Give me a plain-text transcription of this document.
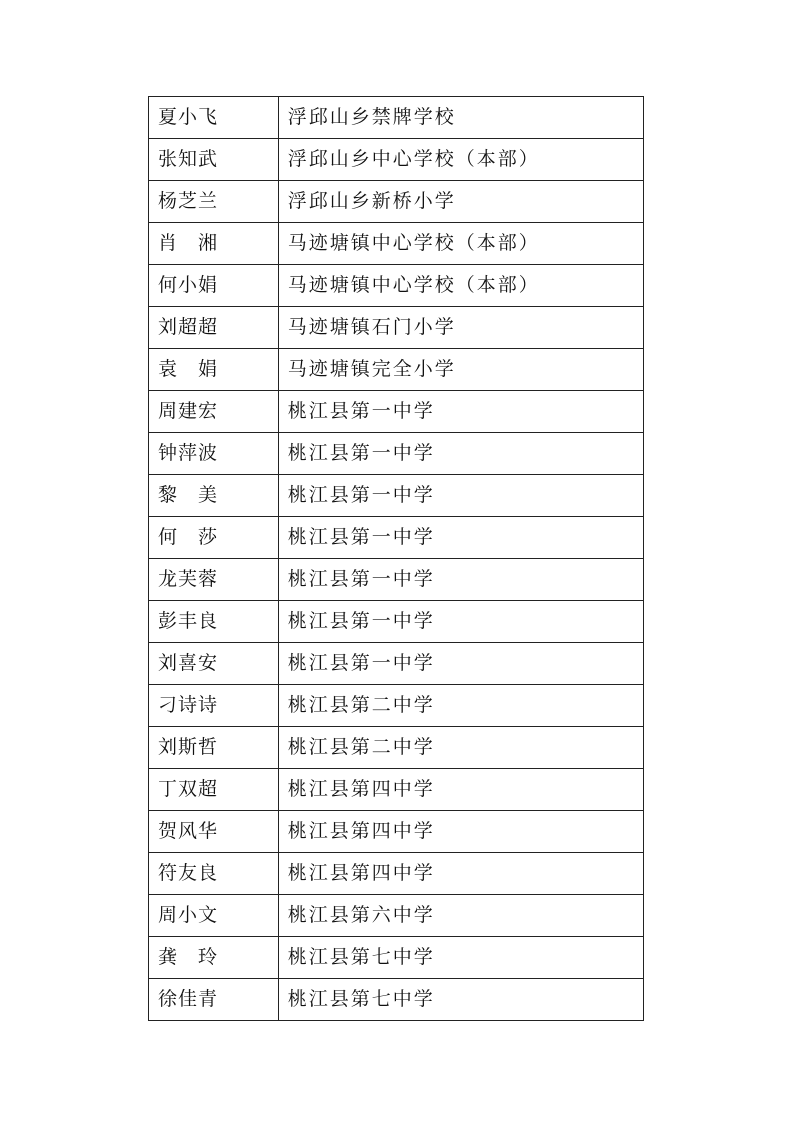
夏小飞	浮邱山乡禁牌学校
张知武	浮邱山乡中心学校（本部）
杨芝兰	浮邱山乡新桥小学
肖　湘	马迹塘镇中心学校（本部）
何小娟	马迹塘镇中心学校（本部）
刘超超	马迹塘镇石门小学
袁　娟	马迹塘镇完全小学
周建宏	桃江县第一中学
钟萍波	桃江县第一中学
黎　美	桃江县第一中学
何　莎	桃江县第一中学
龙芙蓉	桃江县第一中学
彭丰良	桃江县第一中学
刘喜安	桃江县第一中学
刁诗诗	桃江县第二中学
刘斯哲	桃江县第二中学
丁双超	桃江县第四中学
贺风华	桃江县第四中学
符友良	桃江县第四中学
周小文	桃江县第六中学
龚　玲	桃江县第七中学
徐佳青	桃江县第七中学
